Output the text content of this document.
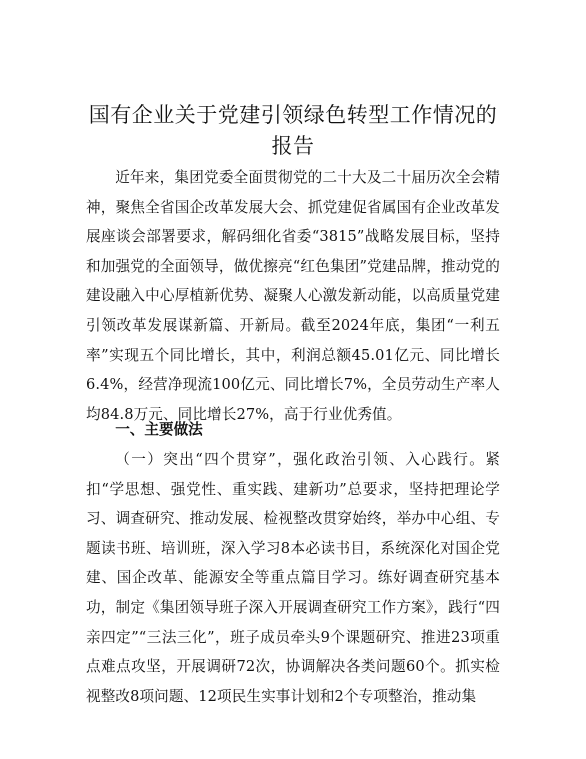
国有企业关于党建引领绿色转型工作情况的报告

近年来，集团党委全面贯彻党的二十大及二十届历次全会精神，聚焦全省国企改革发展大会、抓党建促省属国有企业改革发展座谈会部署要求，解码细化省委“3815”战略发展目标，坚持和加强党的全面领导，做优擦亮“红色集团”党建品牌，推动党的建设融入中心厚植新优势、凝聚人心激发新动能，以高质量党建引领改革发展谋新篇、开新局。截至2024年底，集团“一利五率”实现五个同比增长，其中，利润总额45.01亿元、同比增长6.4%，经营净现流100亿元、同比增长7%，全员劳动生产率人均84.8万元、同比增长27%，高于行业优秀值。

一、主要做法

（一）突出“四个贯穿”，强化政治引领、入心践行。紧扣“学思想、强党性、重实践、建新功”总要求，坚持把理论学习、调查研究、推动发展、检视整改贯穿始终，举办中心组、专题读书班、培训班，深入学习8本必读书目，系统深化对国企党建、国企改革、能源安全等重点篇目学习。练好调查研究基本功，制定《集团领导班子深入开展调查研究工作方案》，践行“四亲四定”“三法三化”，班子成员牵头9个课题研究、推进23项重点难点攻坚，开展调研72次，协调解决各类问题60个。抓实检视整改8项问题、12项民生实事计划和2个专项整治，推动集
